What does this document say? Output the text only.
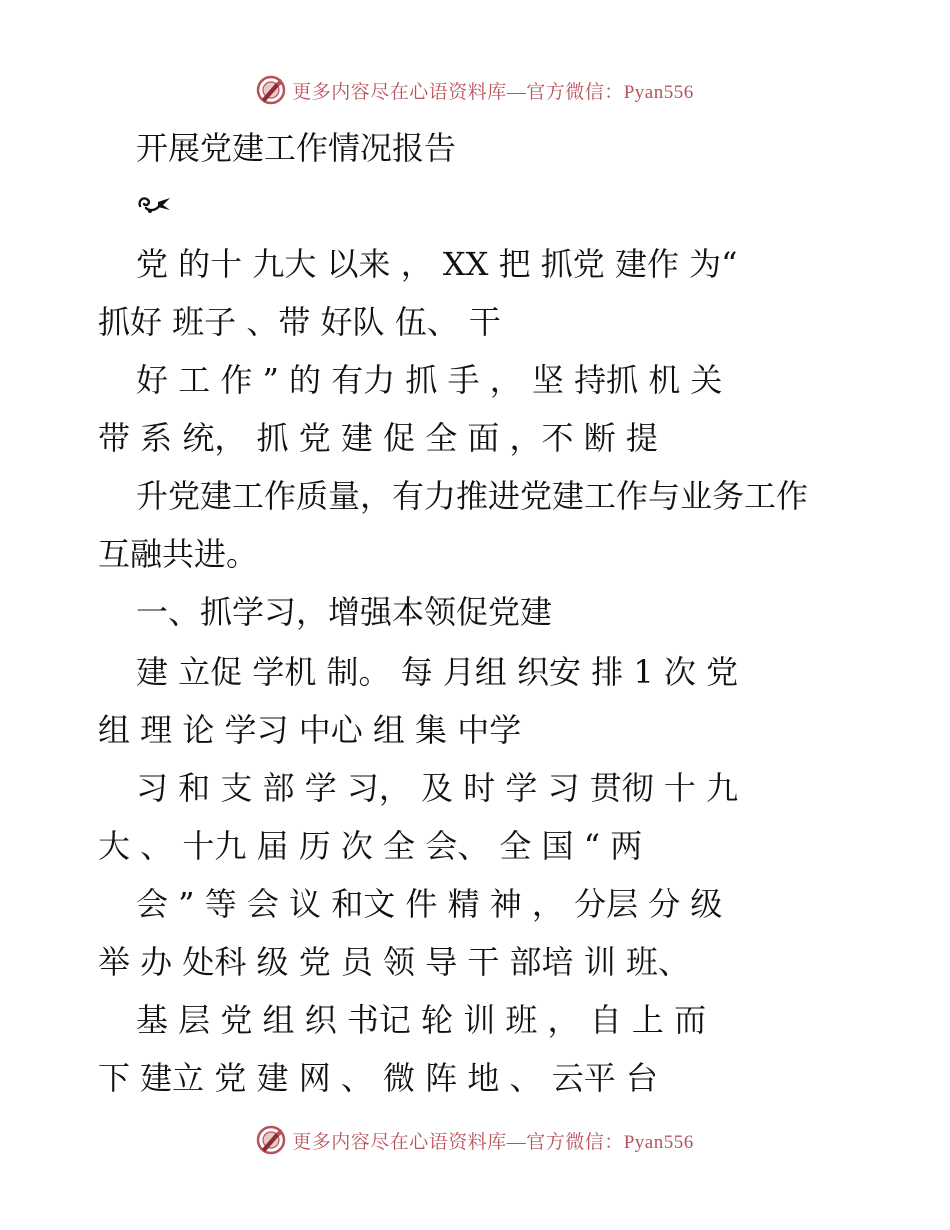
更多内容尽在心语资料库—官方微信：Pyan556
开展党建工作情况报告
党 的十 九大 以来 ， XX 把 抓党 建作 为“
抓好 班子 、带 好队 伍、 干
好 工 作 ” 的 有力 抓 手 ， 坚 持抓 机 关
带 系 统， 抓 党 建 促 全 面 ，不 断 提
升党建工作质量，有力推进党建工作与业务工作
互融共进。
一、抓学习，增强本领促党建
建 立促 学机 制。 每 月组 织安 排 1 次 党
组 理 论 学习 中心 组 集 中学
习 和 支 部 学 习， 及 时 学 习 贯彻 十 九
大 、 十九 届 历 次 全 会、 全 国 “ 两
会 ” 等 会 议 和文 件 精 神 ， 分层 分 级
举 办 处科 级 党 员 领 导 干 部培 训 班、
基 层 党 组 织 书记 轮 训 班 ， 自 上 而
下 建立 党 建 网 、 微 阵 地 、 云平 台
更多内容尽在心语资料库—官方微信：Pyan556
